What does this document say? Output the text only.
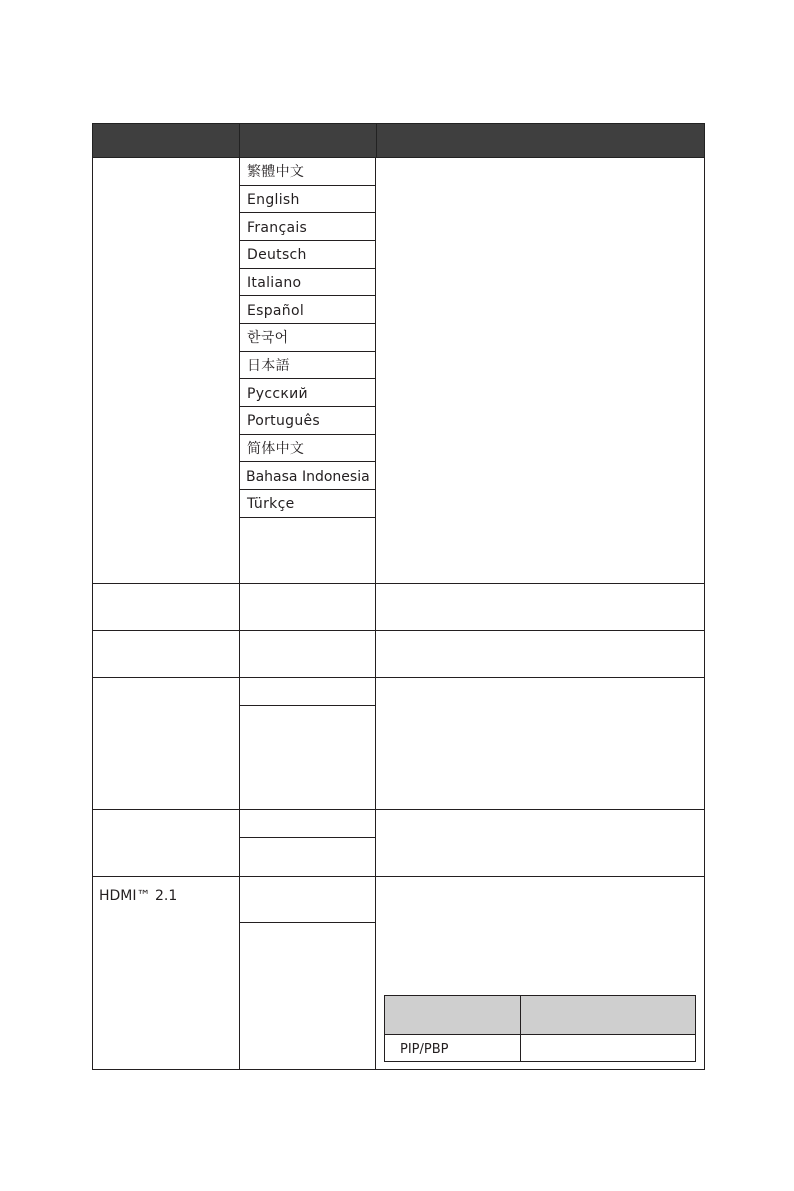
繁體中文
English
Français
Deutsch
Italiano
Español
한국어
日本語
Русский
Português
简体中文
Bahasa Indonesia
Türkçe
HDMI™ 2.1
PIP/PBP
